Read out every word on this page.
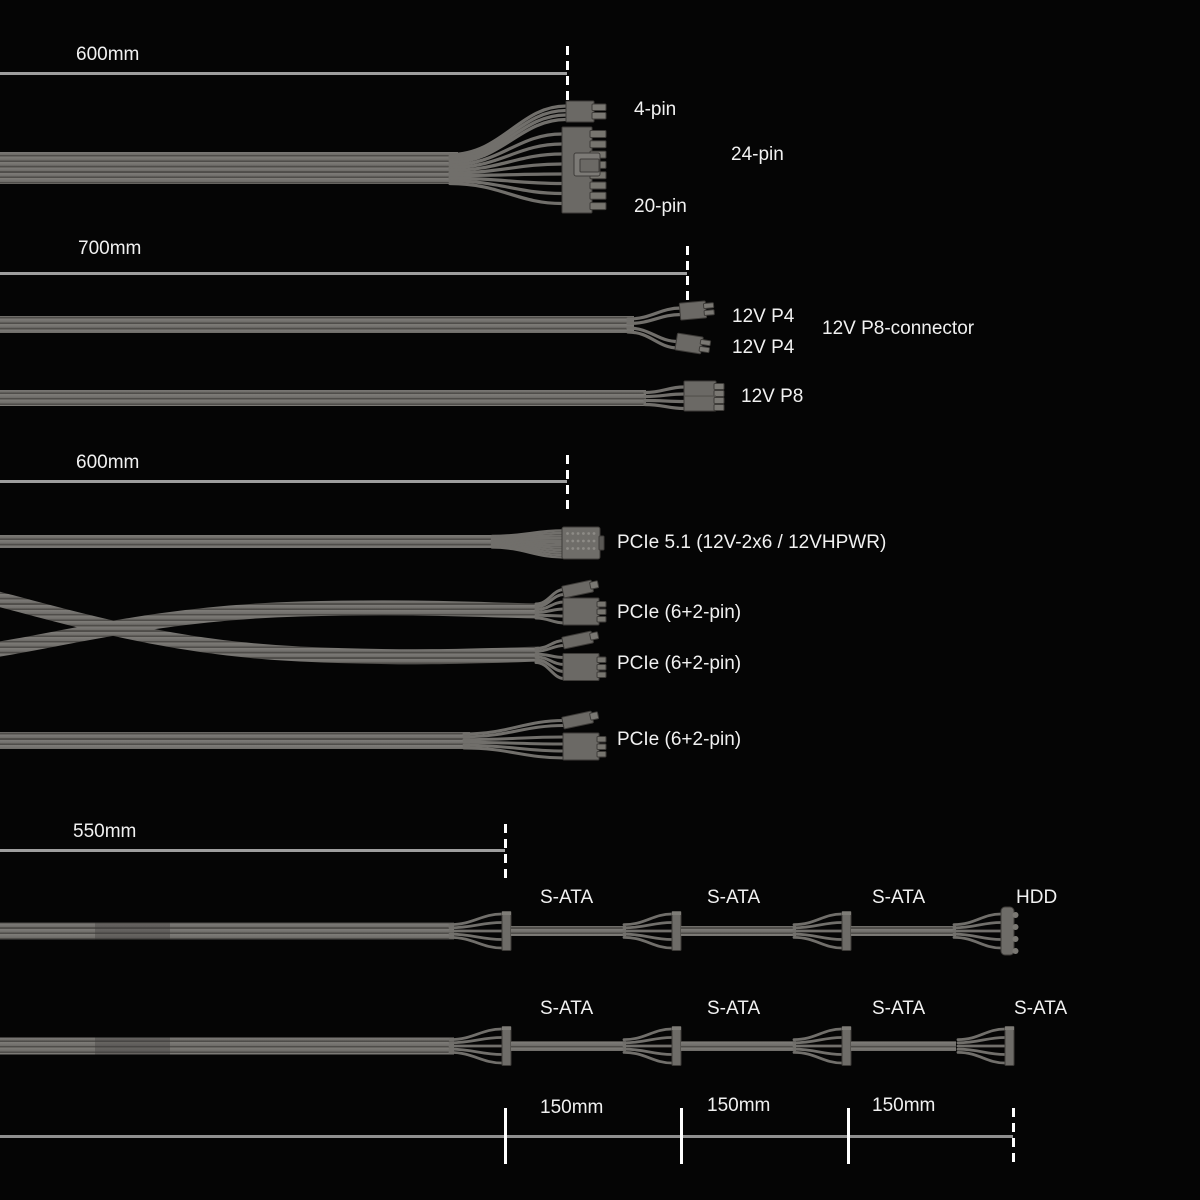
600mm
700mm
600mm
550mm
150mm	150mm	150mm
4-pin
24-pin
20-pin
12V P4
12V P4
12V P8-connector
12V P8
PCIe 5.1 (12V-2x6 / 12VHPWR)
PCIe (6+2-pin)
PCIe (6+2-pin)
PCIe (6+2-pin)
S-ATA	S-ATA	S-ATA	HDD
S-ATA	S-ATA	S-ATA	S-ATA
